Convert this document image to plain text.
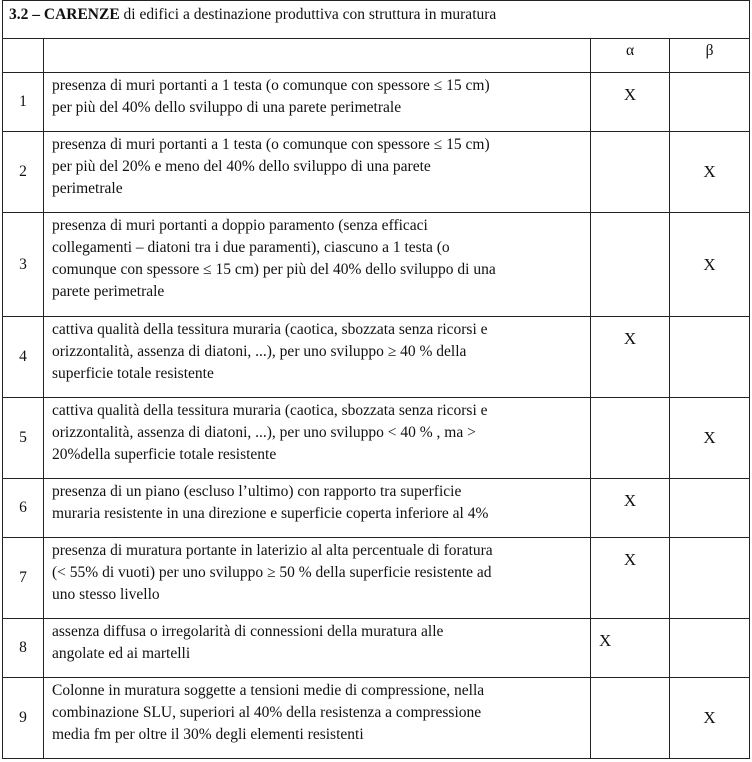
3.2 – CARENZE di edifici a destinazione produttiva con struttura in muratura			
		α	β
1	presenza di muri portanti a 1 testa (o comunque con spessore ≤ 15 cm)
per più del 40% dello sviluppo di una parete perimetrale	X	
2	presenza di muri portanti a 1 testa (o comunque con spessore ≤ 15 cm)
per più del 20% e meno del 40% dello sviluppo di una parete
perimetrale		X
3	presenza di muri portanti a doppio paramento (senza efficaci
collegamenti – diatoni tra i due paramenti), ciascuno a 1 testa (o
comunque con spessore ≤ 15 cm) per più del 40% dello sviluppo di una
parete perimetrale		X
4	cattiva qualità della tessitura muraria (caotica, sbozzata senza ricorsi e
orizzontalità, assenza di diatoni, ...), per uno sviluppo ≥ 40 % della
superficie totale resistente	X	
5	cattiva qualità della tessitura muraria (caotica, sbozzata senza ricorsi e
orizzontalità, assenza di diatoni, ...), per uno sviluppo < 40 % , ma >
20%della superficie totale resistente		X
6	presenza di un piano (escluso l’ultimo) con rapporto tra superficie
muraria resistente in una direzione e superficie coperta inferiore al 4%	X	
7	presenza di muratura portante in laterizio al alta percentuale di foratura
(< 55% di vuoti) per uno sviluppo ≥ 50 % della superficie resistente ad
uno stesso livello	X	
8	assenza diffusa o irregolarità di connessioni della muratura alle
angolate ed ai martelli	X	
9	Colonne in muratura soggette a tensioni medie di compressione, nella
combinazione SLU, superiori al 40% della resistenza a compressione
media fm per oltre il 30% degli elementi resistenti		X
